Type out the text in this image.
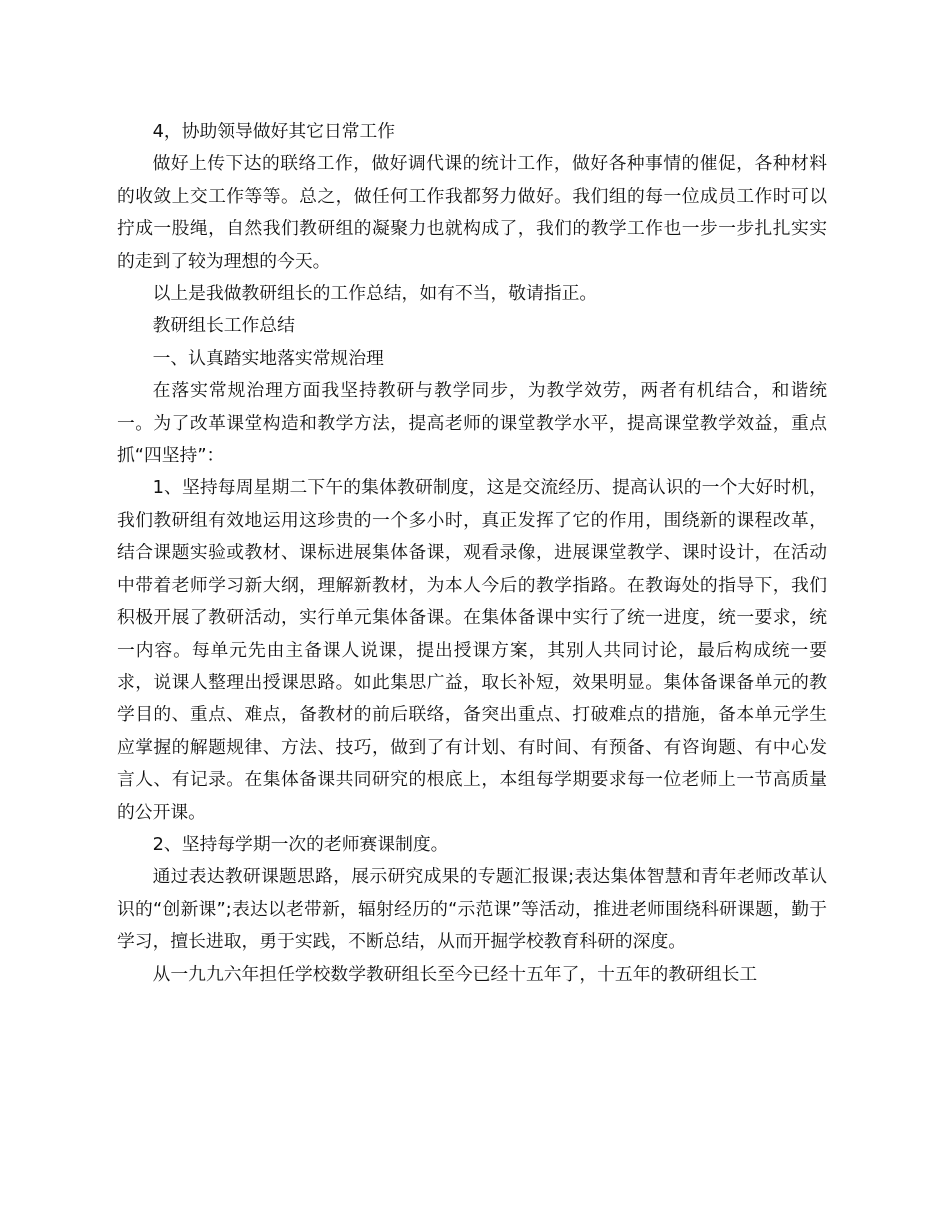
4，协助领导做好其它日常工作

做好上传下达的联络工作，做好调代课的统计工作，做好各种事情的催促，各种材料的收敛上交工作等等。总之，做任何工作我都努力做好。我们组的每一位成员工作时可以拧成一股绳，自然我们教研组的凝聚力也就构成了，我们的教学工作也一步一步扎扎实实的走到了较为理想的今天。

以上是我做教研组长的工作总结，如有不当，敬请指正。

教研组长工作总结

一、认真踏实地落实常规治理

在落实常规治理方面我坚持教研与教学同步，为教学效劳，两者有机结合，和谐统一。为了改革课堂构造和教学方法，提高老师的课堂教学水平，提高课堂教学效益，重点抓“四坚持”：

1、坚持每周星期二下午的集体教研制度，这是交流经历、提高认识的一个大好时机，我们教研组有效地运用这珍贵的一个多小时，真正发挥了它的作用，围绕新的课程改革，结合课题实验或教材、课标进展集体备课，观看录像，进展课堂教学、课时设计，在活动中带着老师学习新大纲，理解新教材，为本人今后的教学指路。在教诲处的指导下，我们积极开展了教研活动，实行单元集体备课。在集体备课中实行了统一进度，统一要求，统一内容。每单元先由主备课人说课，提出授课方案，其别人共同讨论，最后构成统一要求，说课人整理出授课思路。如此集思广益，取长补短，效果明显。集体备课备单元的教学目的、重点、难点，备教材的前后联络，备突出重点、打破难点的措施，备本单元学生应掌握的解题规律、方法、技巧，做到了有计划、有时间、有预备、有咨询题、有中心发言人、有记录。在集体备课共同研究的根底上，本组每学期要求每一位老师上一节高质量的公开课。

2、坚持每学期一次的老师赛课制度。

通过表达教研课题思路，展示研究成果的专题汇报课;表达集体智慧和青年老师改革认识的“创新课”;表达以老带新，辐射经历的“示范课”等活动，推进老师围绕科研课题，勤于学习，擅长进取，勇于实践，不断总结，从而开掘学校教育科研的深度。

从一九九六年担任学校数学教研组长至今已经十五年了，十五年的教研组长工
